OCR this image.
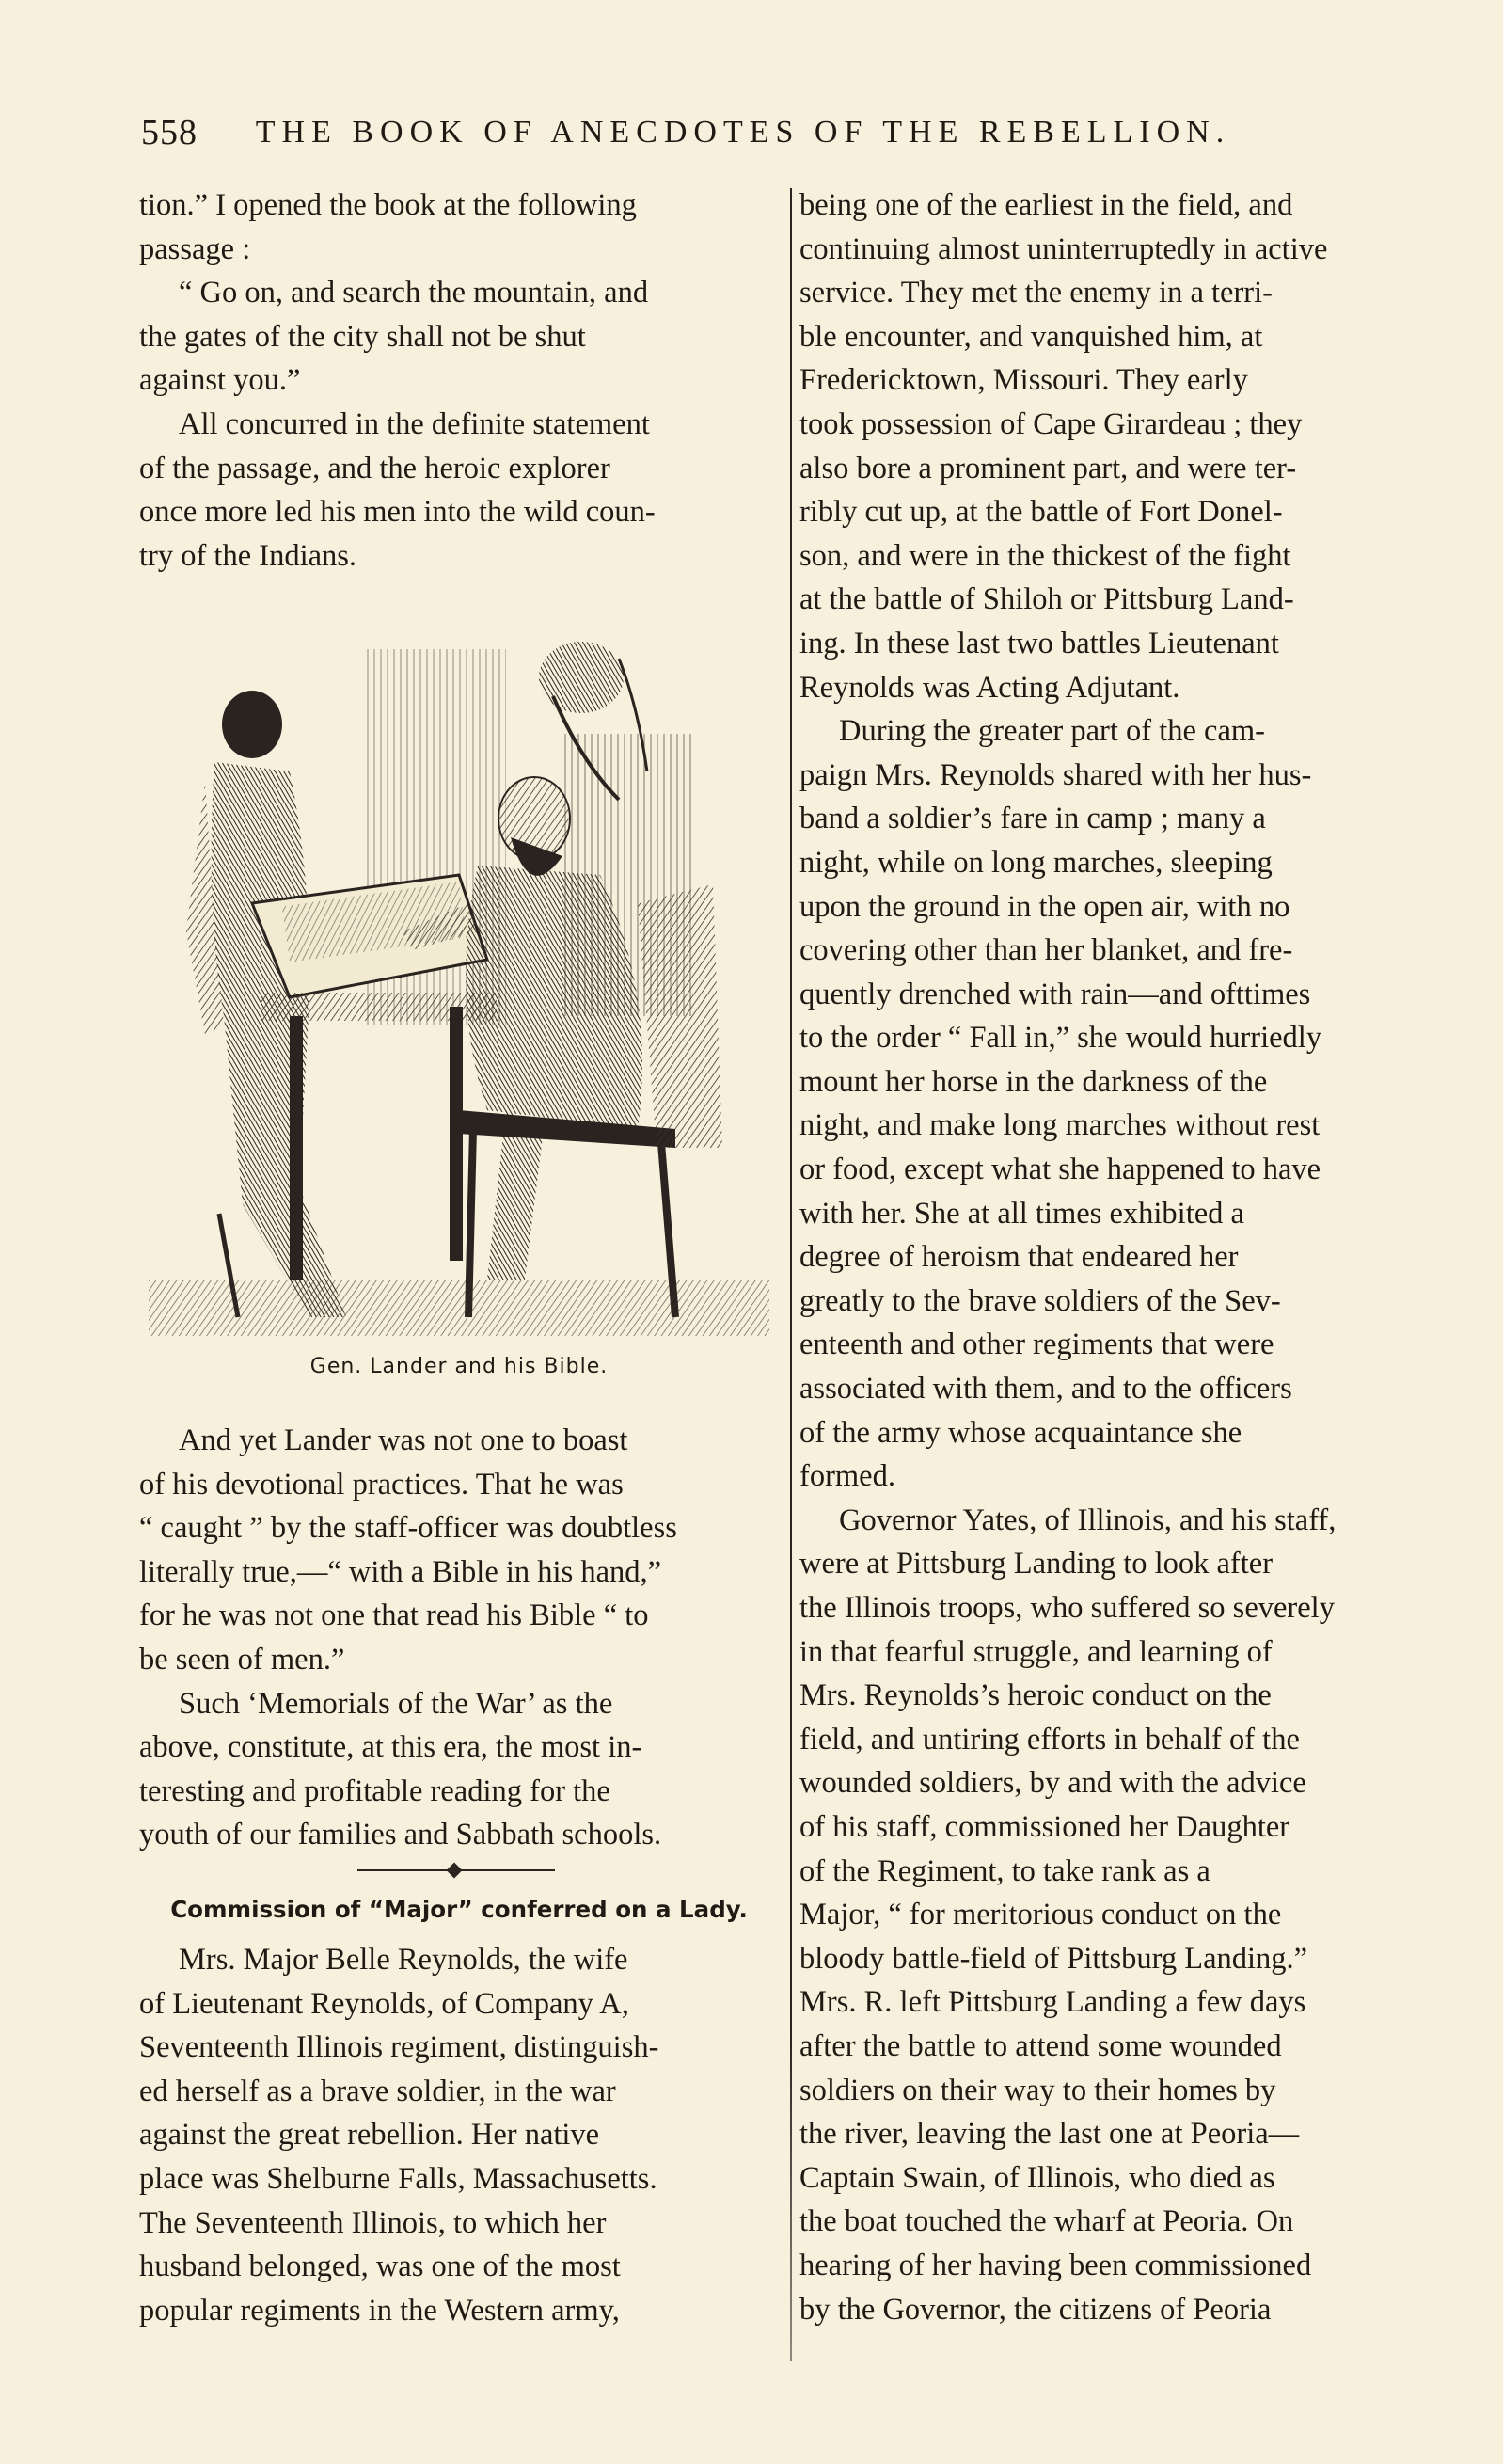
558	THE BOOK OF ANECDOTES OF THE REBELLION.

tion.” I opened the book at the following

passage :

“ Go on, and search the mountain, and

the gates of the city shall not be shut

against you.”

All concurred in the definite statement

of the passage, and the heroic explorer

once more led his men into the wild coun-

try of the Indians.

Gen. Lander and his Bible.

And yet Lander was not one to boast

of his devotional practices. That he was

“ caught ” by the staff-officer was doubtless

literally true,—“ with a Bible in his hand,”

for he was not one that read his Bible “ to

be seen of men.”

Such ‘Memorials of the War’ as the

above, constitute, at this era, the most in-

teresting and profitable reading for the

youth of our families and Sabbath schools.

Commission of “Major” conferred on a Lady.

Mrs. Major Belle Reynolds, the wife

of Lieutenant Reynolds, of Company A,

Seventeenth Illinois regiment, distinguish-

ed herself as a brave soldier, in the war

against the great rebellion. Her native

place was Shelburne Falls, Massachusetts.

The Seventeenth Illinois, to which her

husband belonged, was one of the most

popular regiments in the Western army,

being one of the earliest in the field, and

continuing almost uninterruptedly in active

service. They met the enemy in a terri-

ble encounter, and vanquished him, at

Fredericktown, Missouri. They early

took possession of Cape Girardeau ; they

also bore a prominent part, and were ter-

ribly cut up, at the battle of Fort Donel-

son, and were in the thickest of the fight

at the battle of Shiloh or Pittsburg Land-

ing. In these last two battles Lieutenant

Reynolds was Acting Adjutant.

During the greater part of the cam-

paign Mrs. Reynolds shared with her hus-

band a soldier’s fare in camp ; many a

night, while on long marches, sleeping

upon the ground in the open air, with no

covering other than her blanket, and fre-

quently drenched with rain—and ofttimes

to the order “ Fall in,” she would hurriedly

mount her horse in the darkness of the

night, and make long marches without rest

or food, except what she happened to have

with her. She at all times exhibited a

degree of heroism that endeared her

greatly to the brave soldiers of the Sev-

enteenth and other regiments that were

associated with them, and to the officers

of the army whose acquaintance she

formed.

Governor Yates, of Illinois, and his staff,

were at Pittsburg Landing to look after

the Illinois troops, who suffered so severely

in that fearful struggle, and learning of

Mrs. Reynolds’s heroic conduct on the

field, and untiring efforts in behalf of the

wounded soldiers, by and with the advice

of his staff, commissioned her Daughter

of the Regiment, to take rank as a

Major, “ for meritorious conduct on the

bloody battle-field of Pittsburg Landing.”

Mrs. R. left Pittsburg Landing a few days

after the battle to attend some wounded

soldiers on their way to their homes by

the river, leaving the last one at Peoria—

Captain Swain, of Illinois, who died as

the boat touched the wharf at Peoria. On

hearing of her having been commissioned

by the Governor, the citizens of Peoria
